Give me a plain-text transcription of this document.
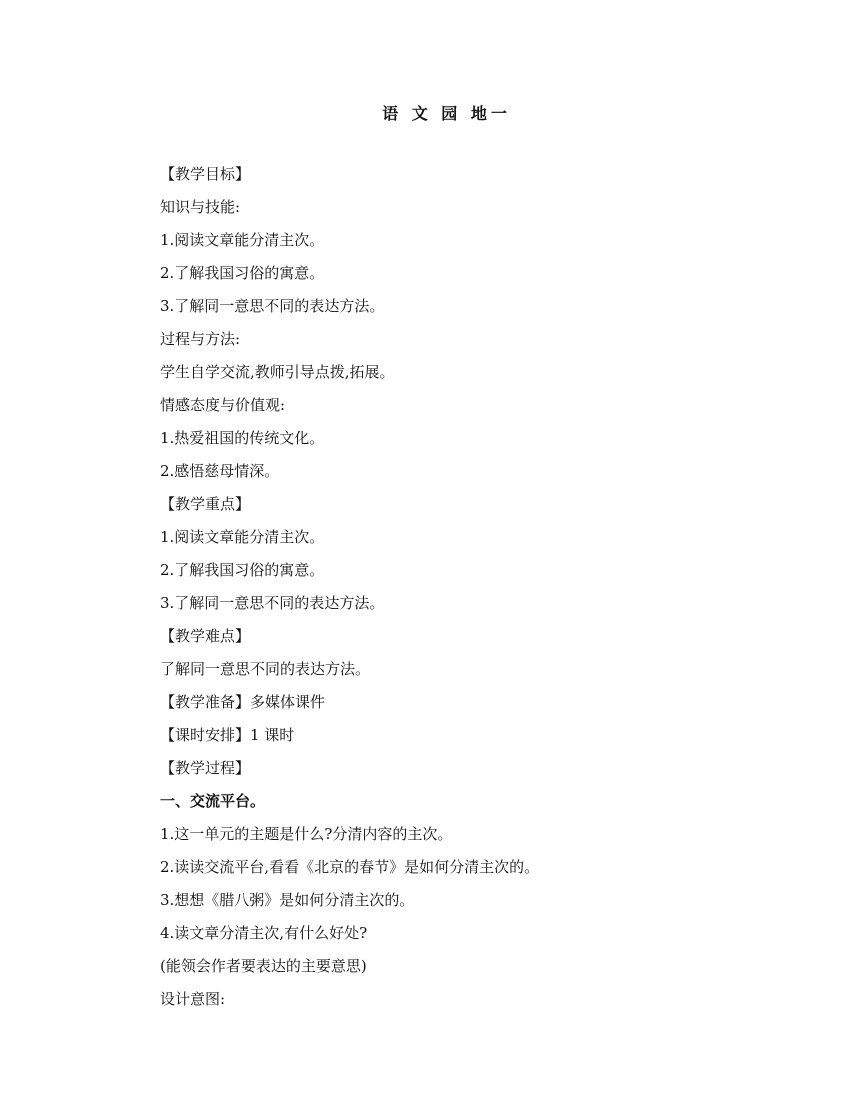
语 文 园 地一
【教学目标】
知识与技能:
1.阅读文章能分清主次。
2.了解我国习俗的寓意。
3.了解同一意思不同的表达方法。
过程与方法:
学生自学交流,教师引导点拨,拓展。
情感态度与价值观:
1.热爱祖国的传统文化。
2.感悟慈母情深。
【教学重点】
1.阅读文章能分清主次。
2.了解我国习俗的寓意。
3.了解同一意思不同的表达方法。
【教学难点】
了解同一意思不同的表达方法。
【教学准备】多媒体课件
【课时安排】1 课时
【教学过程】
一、交流平台。
1.这一单元的主题是什么?分清内容的主次。
2.读读交流平台,看看《北京的春节》是如何分清主次的。
3.想想《腊八粥》是如何分清主次的。
4.读文章分清主次,有什么好处?
(能领会作者要表达的主要意思)
设计意图:
